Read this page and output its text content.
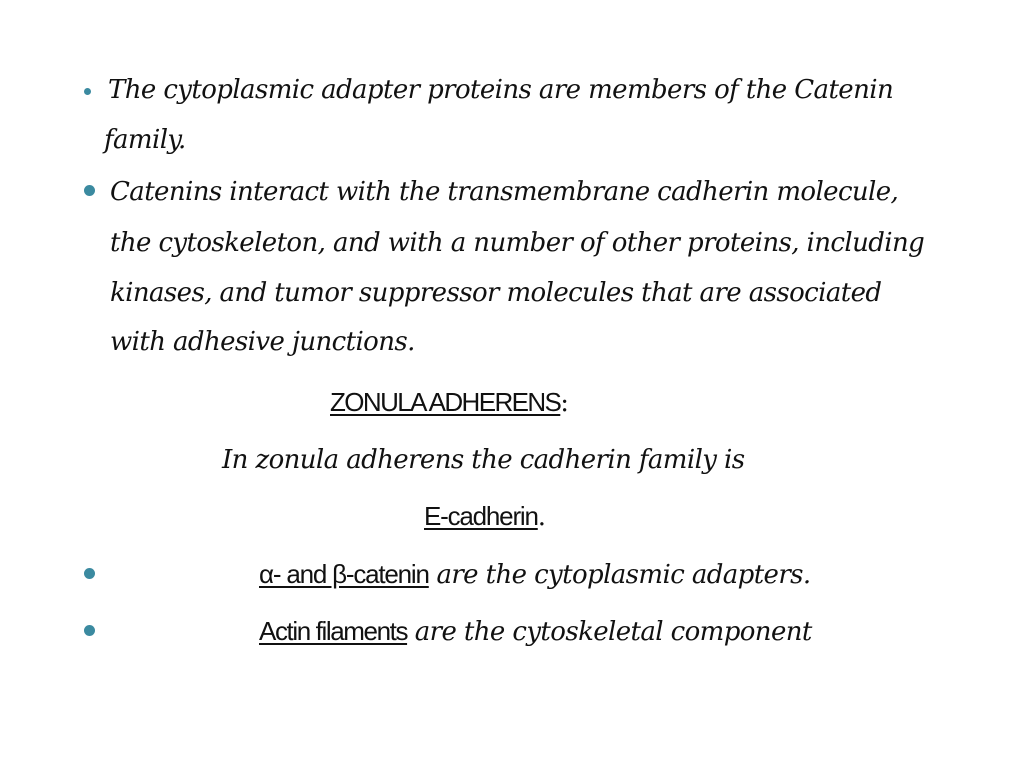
The cytoplasmic adapter proteins are members of the Catenin
family.
Catenins interact with the transmembrane cadherin molecule,
the cytoskeleton, and with a number of other proteins, including
kinases, and tumor suppressor molecules that are associated
with adhesive junctions.
ZONULA ADHERENS:
In zonula adherens the cadherin family is
E-cadherin.
α- and β-catenin are the cytoplasmic adapters.
Actin filaments are the cytoskeletal component
